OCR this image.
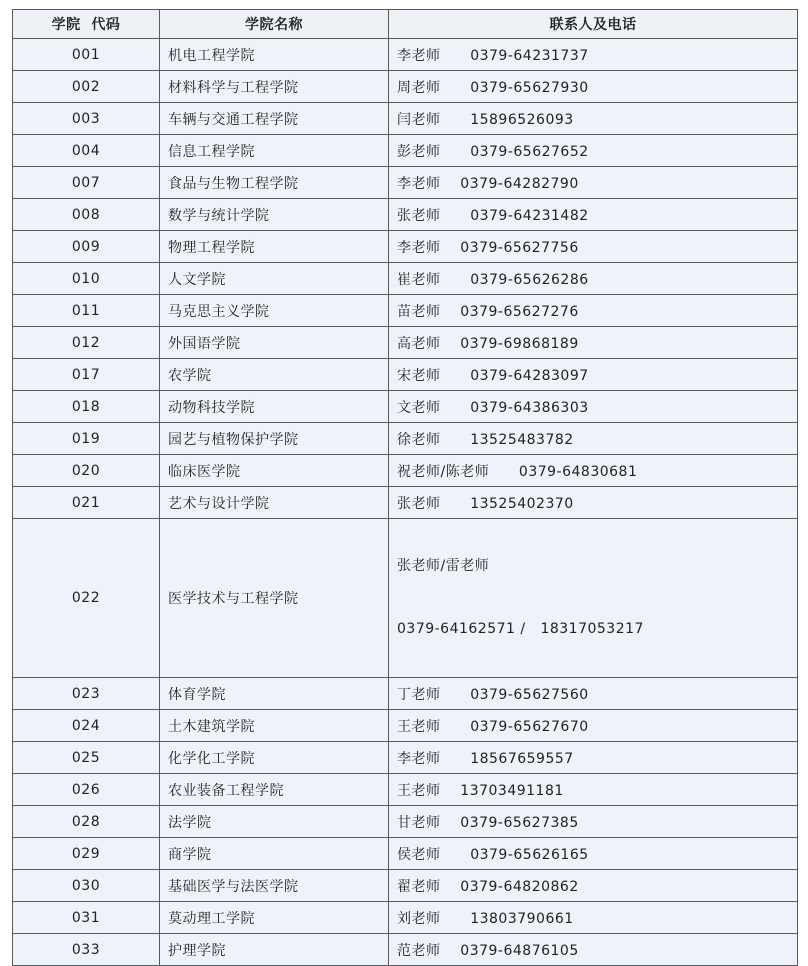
学院  代码	学院名称	联系人及电话
001	机电工程学院	李老师      0379-64231737
002	材料科学与工程学院	周老师      0379-65627930
003	车辆与交通工程学院	闫老师      15896526093
004	信息工程学院	彭老师      0379-65627652
007	食品与生物工程学院	李老师    0379-64282790
008	数学与统计学院	张老师      0379-64231482
009	物理工程学院	李老师    0379-65627756
010	人文学院	崔老师      0379-65626286
011	马克思主义学院	苗老师    0379-65627276
012	外国语学院	高老师    0379-69868189
017	农学院	宋老师      0379-64283097
018	动物科技学院	文老师      0379-64386303
019	园艺与植物保护学院	徐老师      13525483782
020	临床医学院	祝老师/陈老师      0379-64830681
021	艺术与设计学院	张老师      13525402370
022	医学技术与工程学院	张老师/雷老师

0379-64162571 /   18317053217

023	体育学院	丁老师      0379-65627560
024	土木建筑学院	王老师      0379-65627670
025	化学化工学院	李老师      18567659557
026	农业装备工程学院	王老师    13703491181
028	法学院	甘老师    0379-65627385
029	商学院	侯老师      0379-65626165
030	基础医学与法医学院	翟老师    0379-64820862
031	莫动理工学院	刘老师      13803790661
033	护理学院	范老师    0379-64876105
